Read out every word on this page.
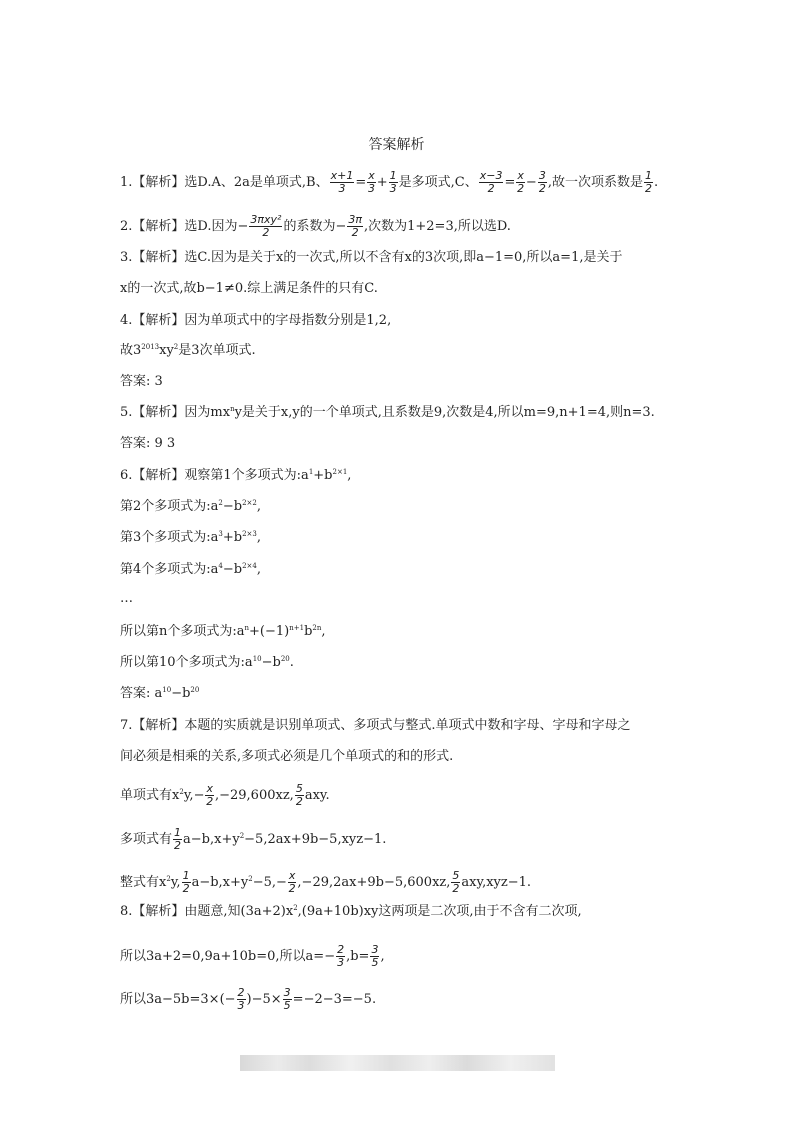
答案解析
1.【解析】选D.A、2a是单项式,B、 $\frac{x+1}{3} = \frac{x}{3} + \frac{1}{3}$ 是多项式,C、 $\frac{x-3}{2} = \frac{x}{2} - \frac{3}{2}$ ,故一次项系数是 $\frac{1}{2}$ .
2.【解析】选D.因为− $\frac{\text{3πxy²}}{2}$ 的系数为− $\frac{3\pi}{2}$ ,次数为1+2=3,所以选D.
3.【解析】选C.因为是关于x的一次式,所以不含有x的3次项,即a−1=0,所以a=1,是关于
x的一次式,故b−1≠0.综上满足条件的只有C.
4.【解析】因为单项式中的字母指数分别是1,2,
故$3^{2013}xy^2$是3次单项式.
答案: 3
5.【解析】因为$mx^ny$是关于x,y的一个单项式,且系数是9,次数是4,所以m=9,n+1=4,则n=3.
答案: 9 3
6.【解析】观察第1个多项式为$:a^1+b^{2\times 1}$,
第2个多项式为$:a^2-b^{2\times 2}$,
第3个多项式为$:a^3+b^{2\times 3}$,
第4个多项式为$:a^4-b^{2\times 4}$,
…
所以第n个多项式为$:a^n+(-1)^{n+1}b^{2n}$,
所以第10个多项式为$:a^{10}-b^{20}$.
答案: $a^{10}-b^{20}$
7.【解析】本题的实质就是识别单项式、多项式与整式.单项式中数和字母、字母和字母之
间必须是相乘的关系,多项式必须是几个单项式的和的形式.
单项式有$x^2y,- \frac{x}{2} ,-29,600xz$, $\frac{5}{2}$ axy.
多项式有 $\frac{1}{2} a-b,x+y^2-5,2ax+9b-5,xyz-1$.
整式有$x^2y$, $\frac{1}{2} a-b,x+y^2-5,- \frac{x}{2} ,-29,2ax+9b-5,600xz$, $\frac{5}{2} axy,xyz-1$.
8.【解析】由题意,知$(3a+2)x^2,(9a+10b)xy$这两项是二次项,由于不含有二次项,
所以3a+2=0,9a+10b=0,所以$a=- \frac{2}{3} ,b= \frac{3}{5}$ ,
所以$3a-5b=3\times(- \frac{2}{3} )-5\times \frac{3}{5} =-2-3=-5$.
